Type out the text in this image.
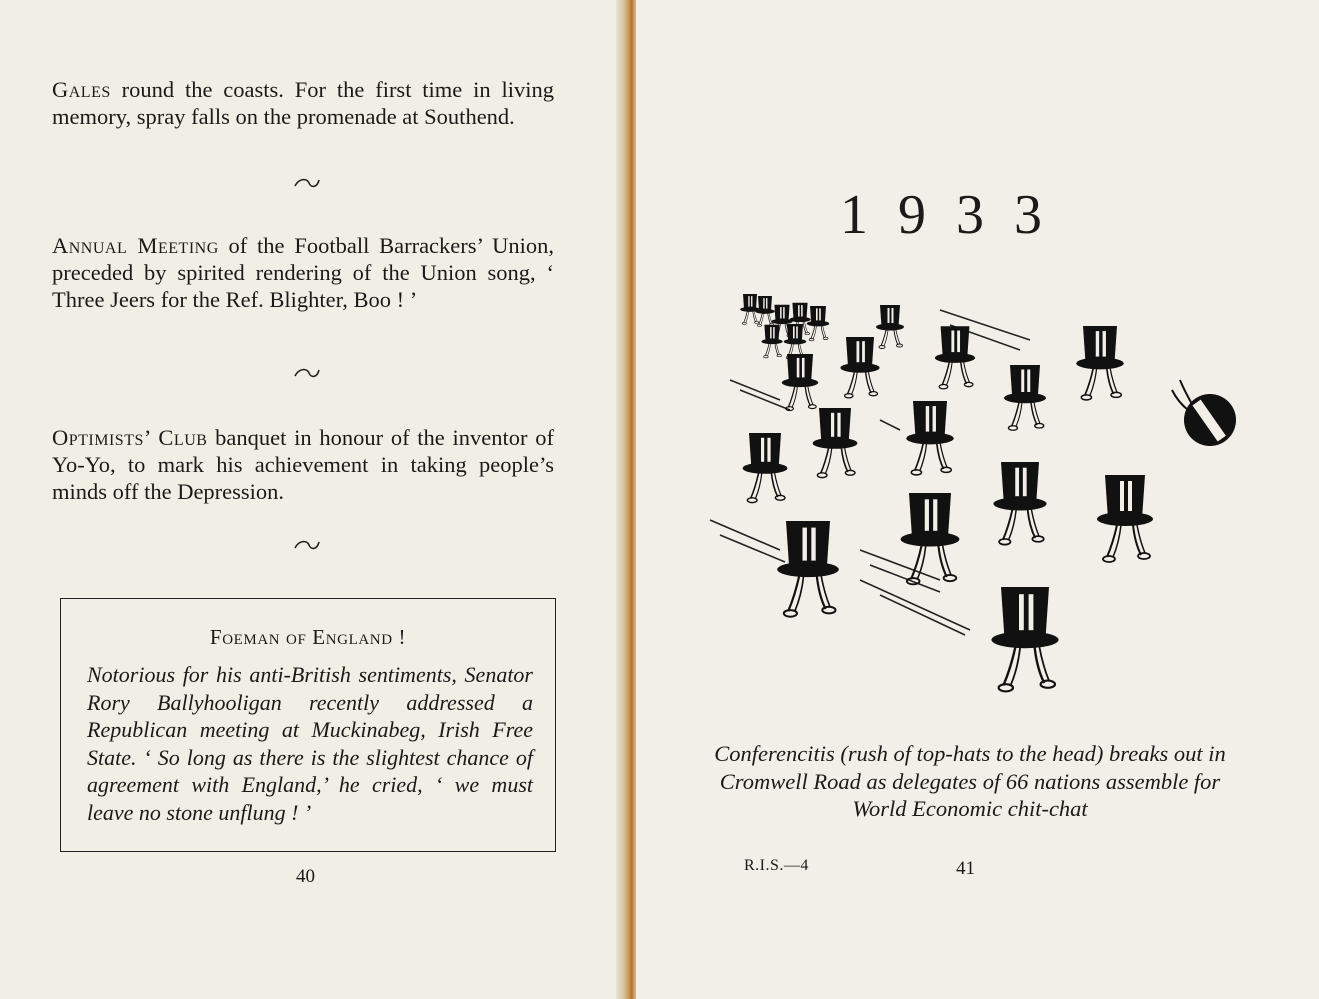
Gales round the coasts. For the first time in living memory, spray falls on the promenade at Southend.
Annual Meeting of the Football Barrackers’ Union, preceded by spirited rendering of the Union song, ‘ Three Jeers for the Ref. Blighter, Boo ! ’
Optimists’ Club banquet in honour of the inventor of Yo-Yo, to mark his achievement in taking people’s minds off the Depression.
Foeman of England !
Notorious for his anti-British sentiments, Senator Rory Ballyhooligan recently addressed a Republican meeting at Muckinabeg, Irish Free State. ‘ So long as there is the slightest chance of agreement with England,’ he cried, ‘ we must leave no stone unflung ! ’
40
1933
Conferencitis (rush of top-hats to the head) breaks out in Cromwell Road as delegates of 66 nations assemble for World Economic chit-chat
R.I.S.—4	41
